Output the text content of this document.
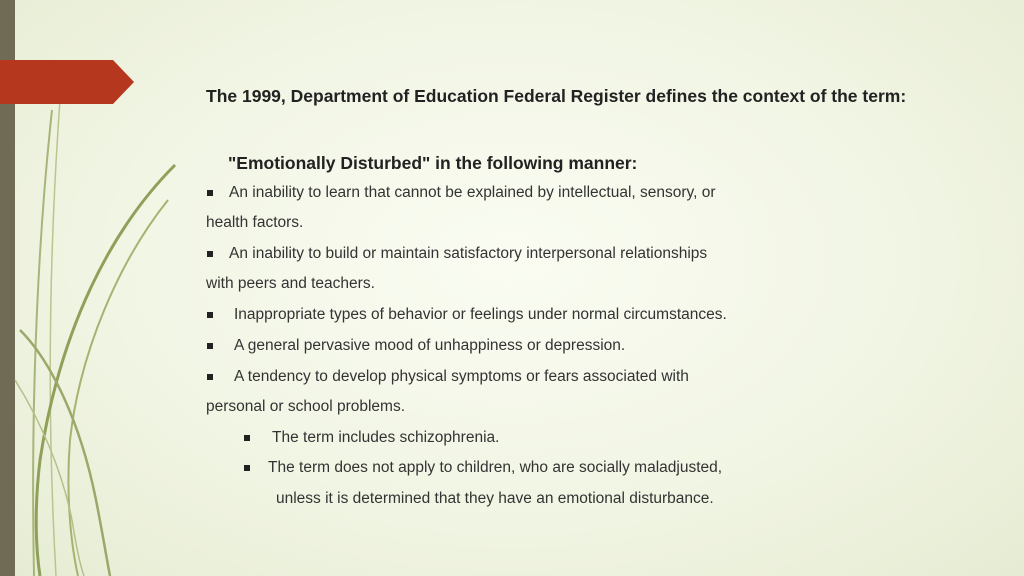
The 1999, Department of Education Federal Register defines the context of the term:
"Emotionally Disturbed" in the following manner:
An inability to learn that cannot be explained by intellectual, sensory, or
health factors.
An inability to build or maintain satisfactory interpersonal relationships
with peers and teachers.
Inappropriate types of behavior or feelings under normal circumstances.
A general pervasive mood of unhappiness or depression.
A tendency to develop physical symptoms or fears associated with
personal or school problems.
The term includes schizophrenia.
The term does not apply to children, who are socially maladjusted,
unless it is determined that they have an emotional disturbance.
